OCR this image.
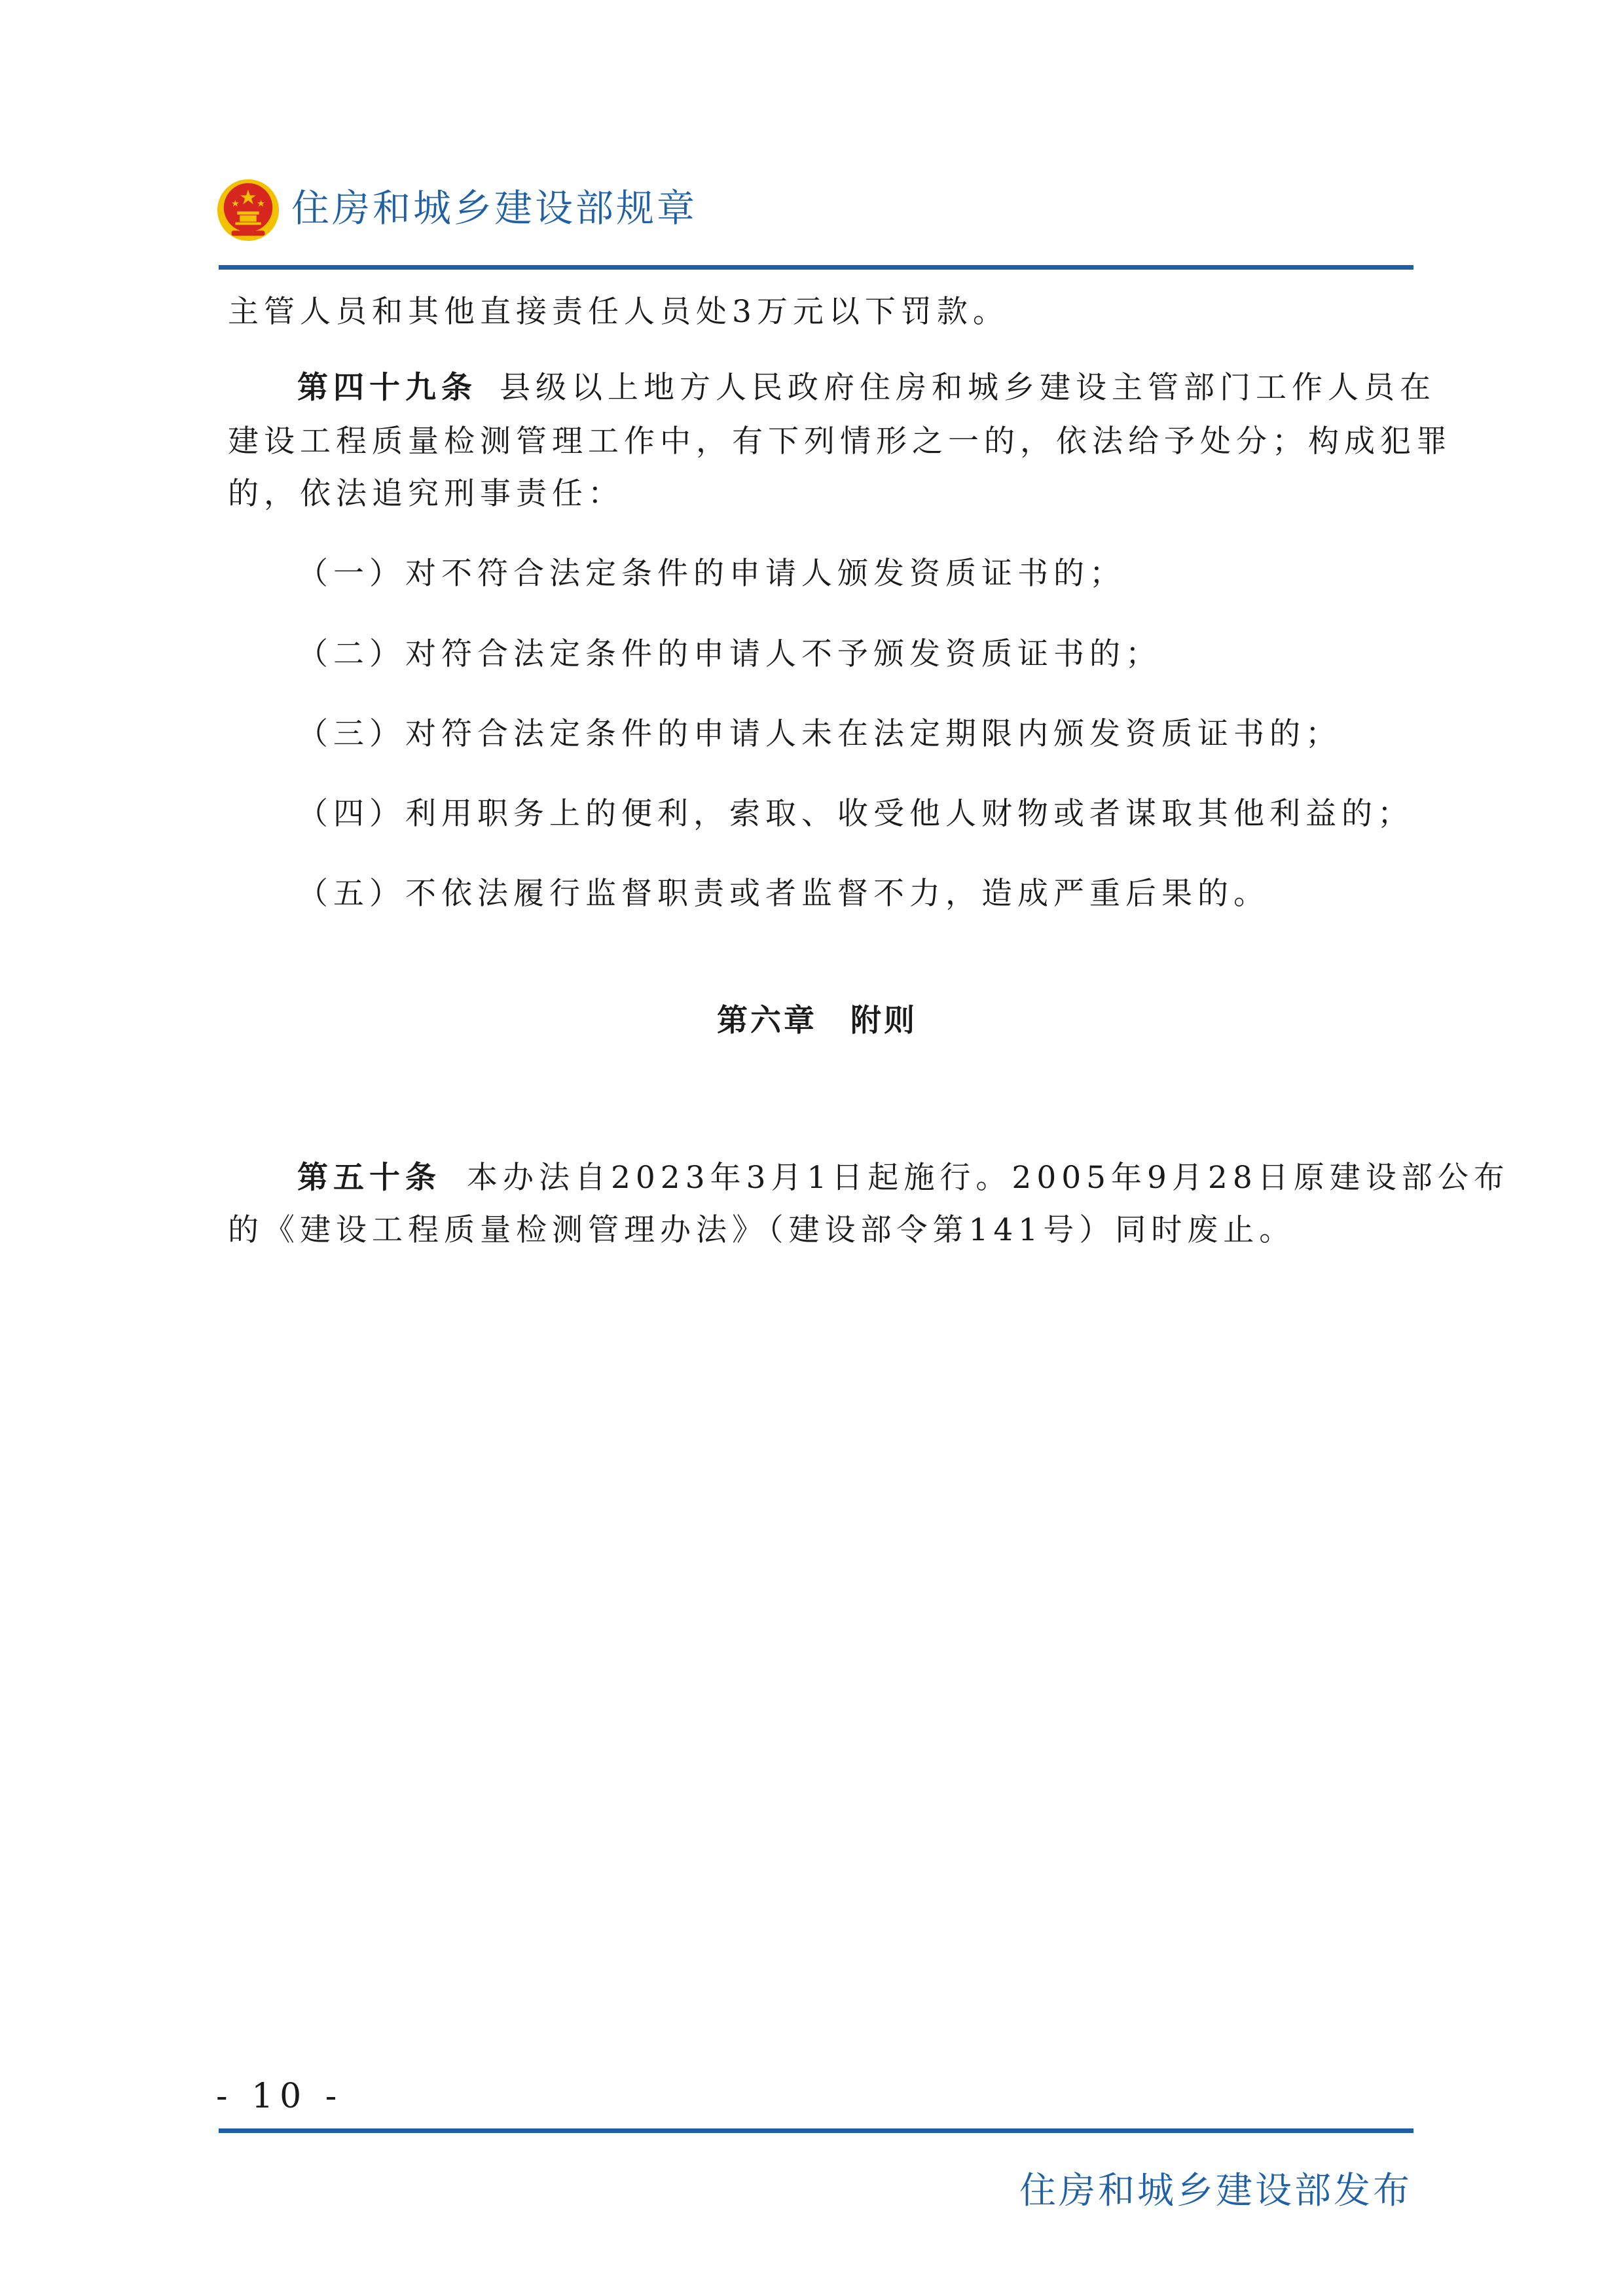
住房和城乡建设部规章
主管人员和其他直接责任人员处3万元以下罚款。
第四十九条 县级以上地方人民政府住房和城乡建设主管部门工作人员在
建设工程质量检测管理工作中，有下列情形之一的，依法给予处分；构成犯罪
的，依法追究刑事责任：
（一）对不符合法定条件的申请人颁发资质证书的；
（二）对符合法定条件的申请人不予颁发资质证书的；
（三）对符合法定条件的申请人未在法定期限内颁发资质证书的；
（四）利用职务上的便利，索取、收受他人财物或者谋取其他利益的；
（五）不依法履行监督职责或者监督不力，造成严重后果的。
第六章　附则
第五十条 本办法自2023年3月1日起施行。2005年9月28日原建设部公布
的《建设工程质量检测管理办法》（建设部令第141号）同时废止。
- 10 -
住房和城乡建设部发布
